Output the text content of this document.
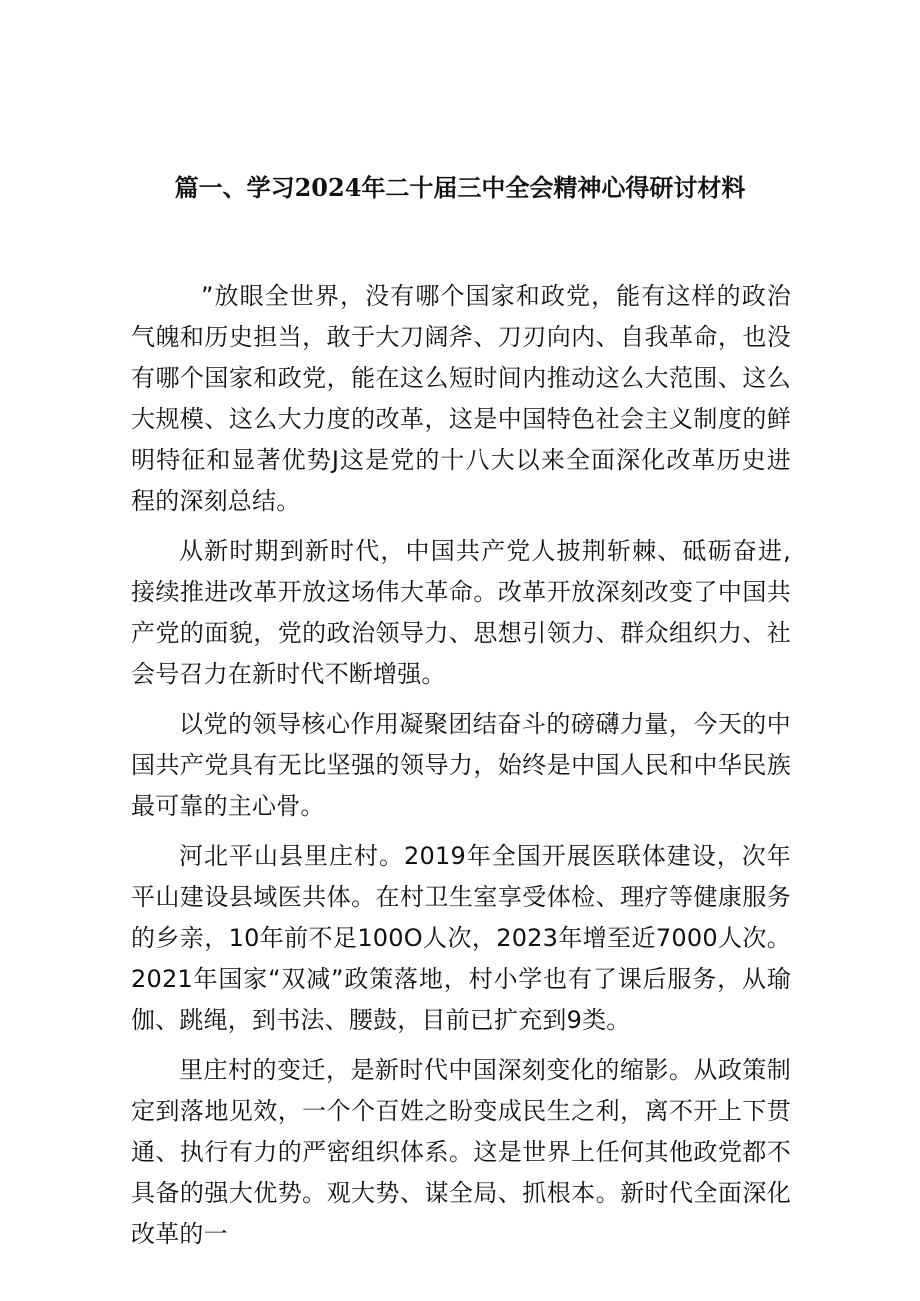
篇一、学习2024年二十届三中全会精神心得研讨材料

”放眼全世界，没有哪个国家和政党，能有这样的政治气魄和历史担当，敢于大刀阔斧、刀刃向内、自我革命，也没有哪个国家和政党，能在这么短时间内推动这么大范围、这么大规模、这么大力度的改革，这是中国特色社会主义制度的鲜明特征和显著优势J这是党的十八大以来全面深化改革历史进程的深刻总结。

从新时期到新时代，中国共产党人披荆斩棘、砥砺奋进,接续推进改革开放这场伟大革命。改革开放深刻改变了中国共产党的面貌，党的政治领导力、思想引领力、群众组织力、社会号召力在新时代不断增强。

以党的领导核心作用凝聚团结奋斗的磅礴力量，今天的中国共产党具有无比坚强的领导力，始终是中国人民和中华民族最可靠的主心骨。

河北平山县里庄村。2019年全国开展医联体建设，次年平山建设县域医共体。在村卫生室享受体检、理疗等健康服务的乡亲，10年前不足100O人次，2023年增至近7000人次。2021年国家“双减”政策落地，村小学也有了课后服务，从瑜伽、跳绳，到书法、腰鼓，目前已扩充到9类。

里庄村的变迁，是新时代中国深刻变化的缩影。从政策制定到落地见效，一个个百姓之盼变成民生之利，离不开上下贯通、执行有力的严密组织体系。这是世界上任何其他政党都不具备的强大优势。观大势、谋全局、抓根本。新时代全面深化改革的一
